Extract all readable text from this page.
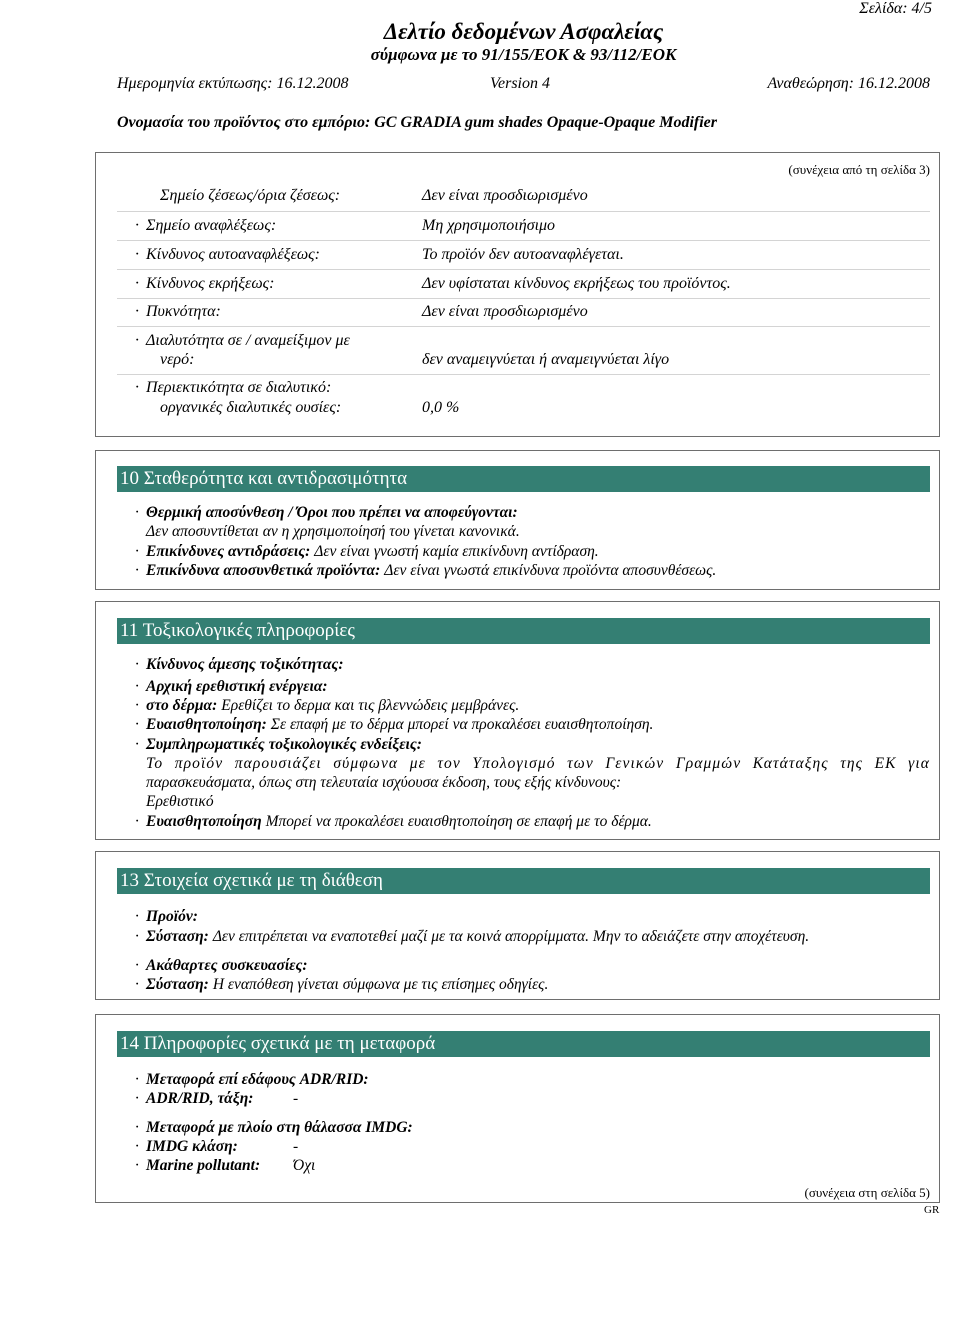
Σελίδα: 4/5
Δελτίο δεδομένων Ασφαλείας
σύμφωνα με το 91/155/ΕΟΚ & 93/112/ΕΟΚ
Ημερομηνία εκτύπωσης: 16.12.2008	Version 4	Αναθεώρηση: 16.12.2008
Ονομασία του προϊόντος στο εμπόριο: GC GRADIA gum shades Opaque-Opaque Modifier
(συνέχεια από τη σελίδα 3)
Σημείο ζέσεως/όρια ζέσεως:	Δεν είναι προσδιωρισμένο
· Σημείο αναφλέξεως:	Μη χρησιμοποιήσιμο
· Κίνδυνος αυτοαναφλέξεως:	Το προϊόν δεν αυτοαναφλέγεται.
· Κίνδυνος εκρήξεως:	Δεν υφίσταται κίνδυνος εκρήξεως του προϊόντος.
· Πυκνότητα:	Δεν είναι προσδιωρισμένο
· Διαλυτότητα σε / αναμείξιμον με
νερό:	δεν αναμειγνύεται ή αναμειγνύεται λίγο
· Περιεκτικότητα σε διαλυτικό:
οργανικές διαλυτικές ουσίες:	0,0 %
10 Σταθερότητα και αντιδρασιμότητα
· Θερμική αποσύνθεση / Όροι που πρέπει να αποφεύγονται:
Δεν αποσυντίθεται αν η χρησιμοποίησή του γίνεται κανονικά.
· Επικίνδυνες αντιδράσεις: Δεν είναι γνωστή καμία επικίνδυνη αντίδραση.
· Επικίνδυνα αποσυνθετικά προϊόντα: Δεν είναι γνωστά επικίνδυνα προϊόντα αποσυνθέσεως.
11 Τοξικολογικές πληροφορίες
· Κίνδυνος άμεσης τοξικότητας:
· Αρχική ερεθιστική ενέργεια:
· στο δέρμα: Ερεθίζει το δερμα και τις βλεννώδεις μεμβράνες.
· Ευαισθητοποίηση: Σε επαφή με το δέρμα μπορεί να προκαλέσει ευαισθητοποίηση.
· Συμπληρωματικές τοξικολογικές ενδείξεις:
Το προϊόν παρουσιάζει σύμφωνα με τον Υπολογισμό των Γενικών Γραμμών Κατάταξης της ΕΚ για
παρασκευάσματα, όπως στη τελευταία ισχύουσα έκδοση, τους εξής κίνδυνους:
Ερεθιστικό
· Ευαισθητοποίηση Μπορεί να προκαλέσει ευαισθητοποίηση σε επαφή με το δέρμα.
13 Στοιχεία σχετικά με τη διάθεση
· Προϊόν:
· Σύσταση: Δεν επιτρέπεται να εναποτεθεί μαζί με τα κοινά απορρίμματα. Μην το αδειάζετε στην αποχέτευση.
· Ακάθαρτες συσκευασίες:
· Σύσταση: Η εναπόθεση γίνεται σύμφωνα με τις επίσημες οδηγίες.
14 Πληροφορίες σχετικά με τη μεταφορά
· Μεταφορά επί εδάφους ADR/RID:
· ADR/RID, τάξη:	-
· Μεταφορά με πλοίο στη θάλασσα IMDG:
· IMDG κλάση:	-
· Marine pollutant: Όχι
(συνέχεια στη σελίδα 5)
GR
